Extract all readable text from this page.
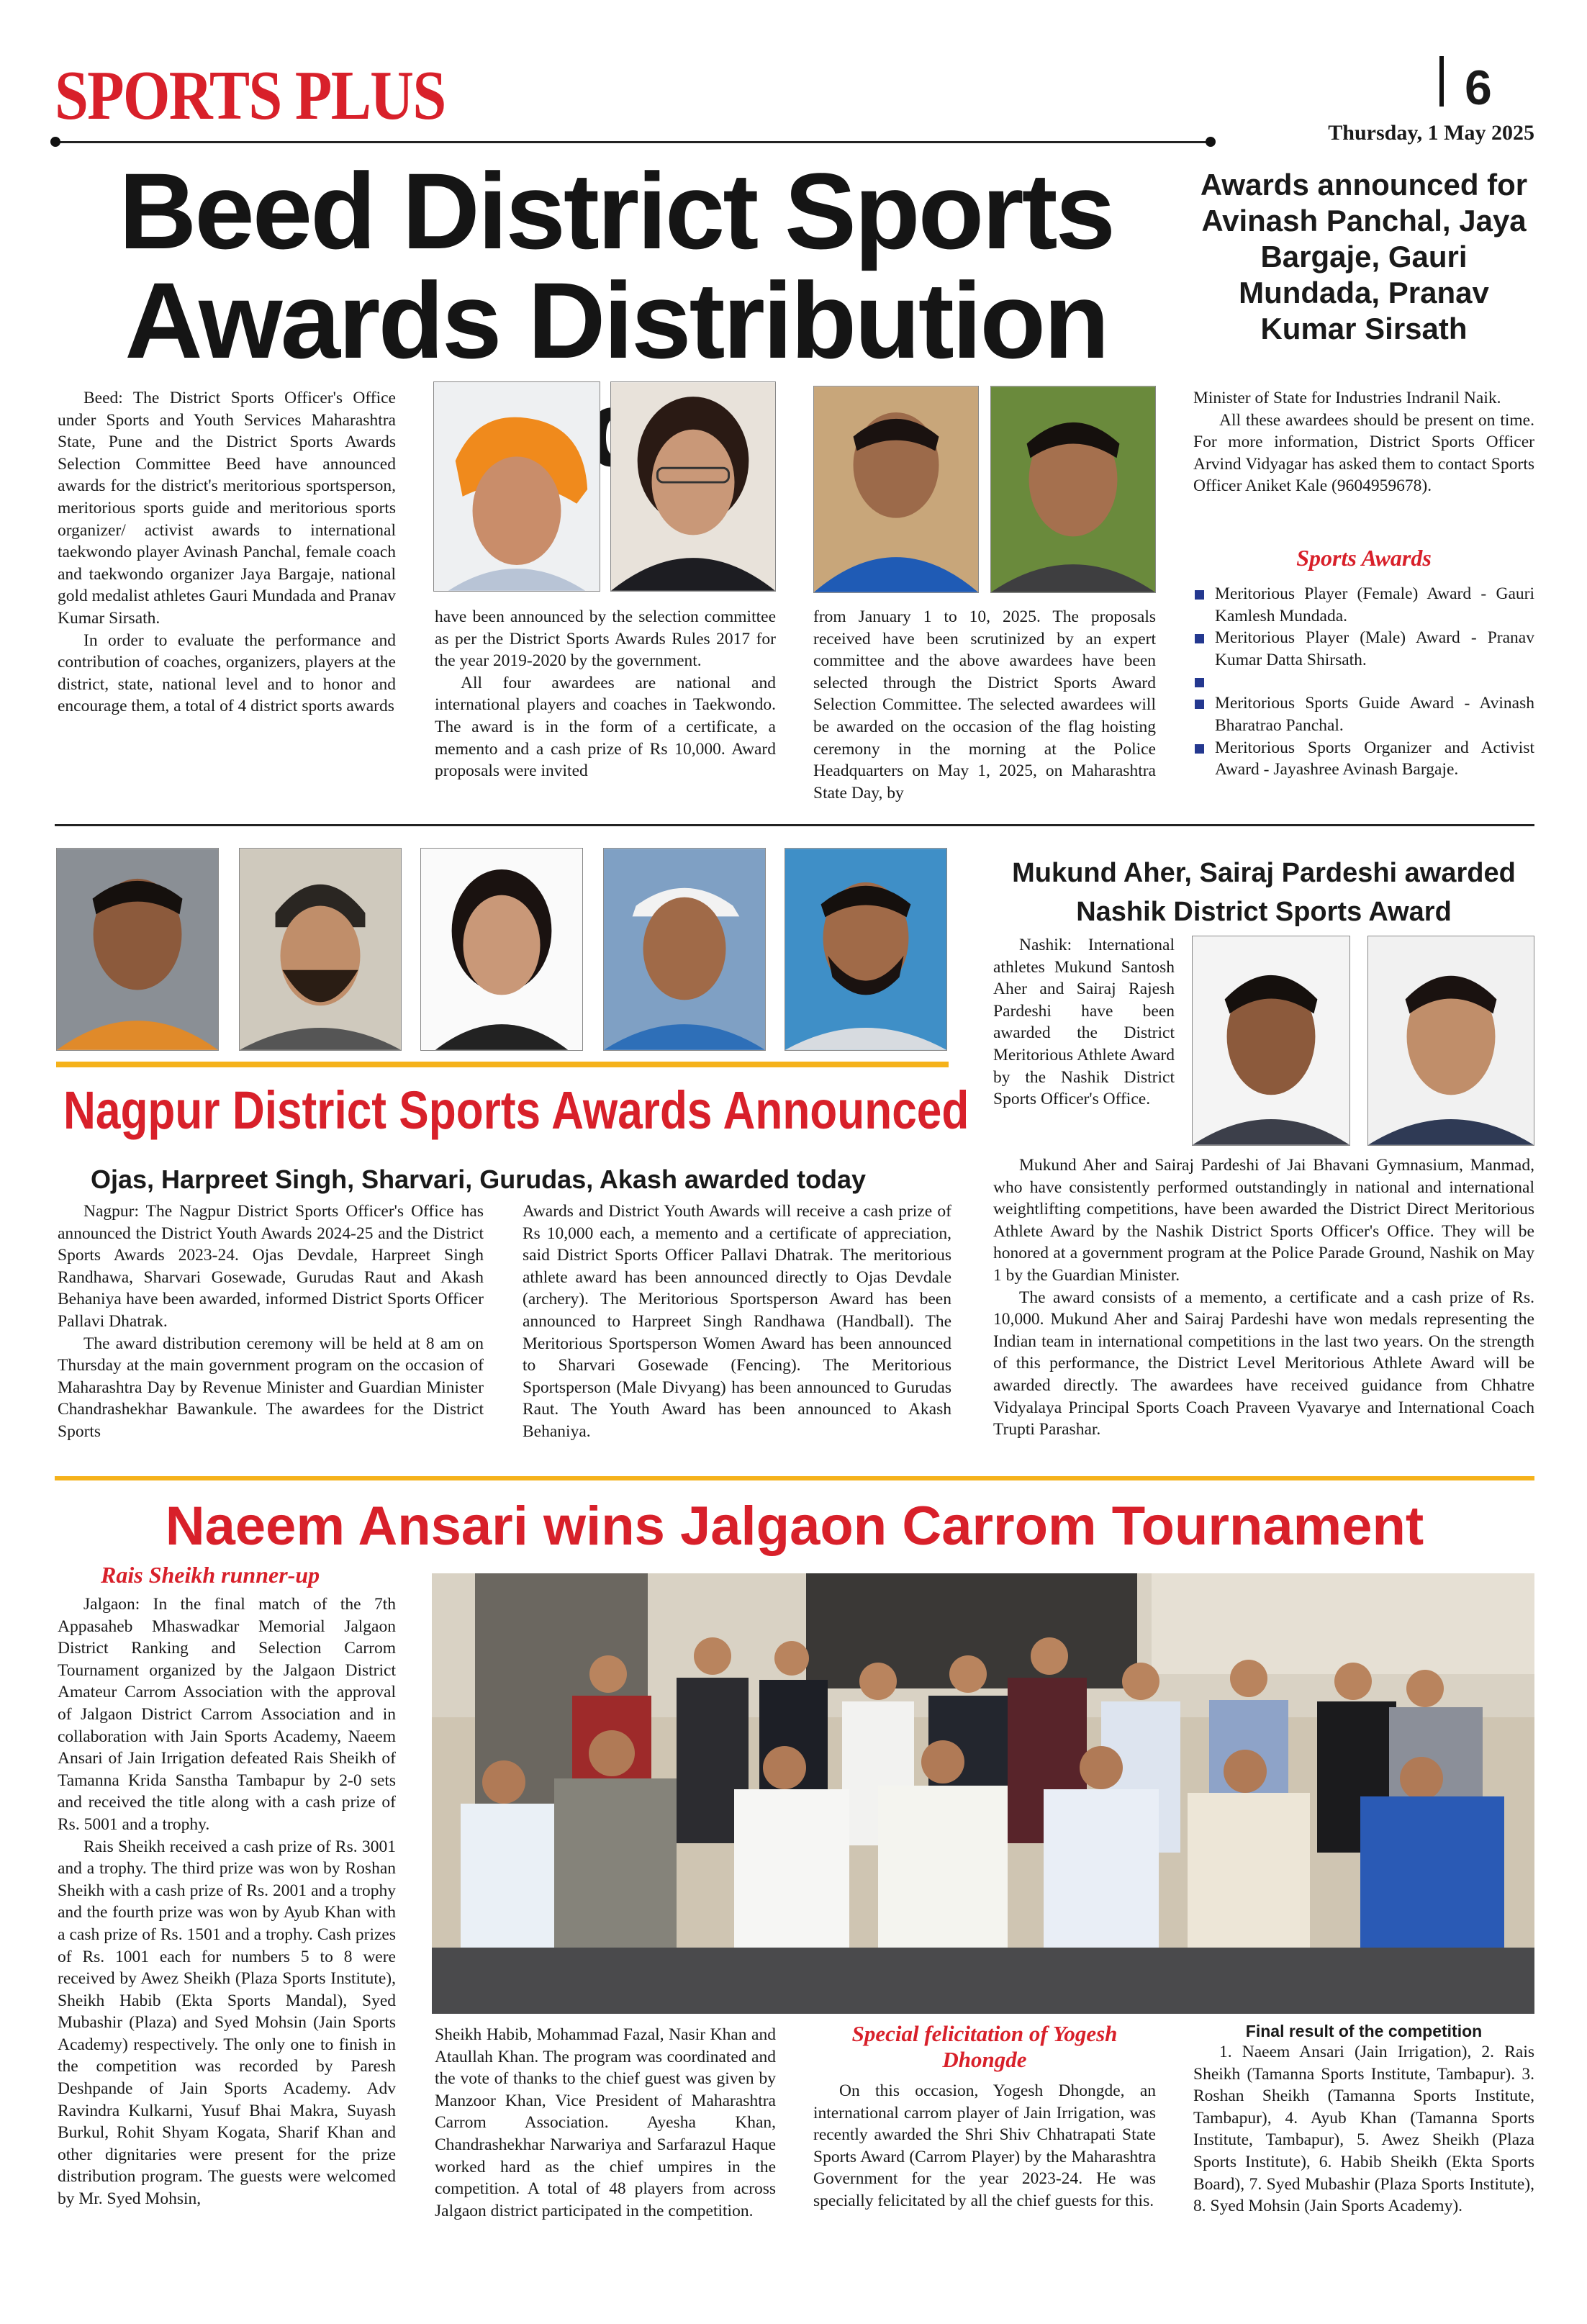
SPORTS PLUS	6
Thursday, 1 May 2025
Beed District Sports
Awards Distribution
Awards announced for Avinash Panchal, Jaya Bargaje, Gauri Mundada, Pranav Kumar Sirsath

Beed: The District Sports Officer's Office under Sports and Youth Services Maharashtra State, Pune and the District Sports Awards Selection Committee Beed have announced awards for the district's meritorious sportsperson, meritorious sports guide and meritorious sports organizer/ activist awards to international taekwondo player Avinash Panchal, female coach and taekwondo organizer Jaya Bargaje, national gold medalist athletes Gauri Mundada and Pranav Kumar Sirsath.

In order to evaluate the performance and contribution of coaches, organizers, players at the district, state, national level and to honor and encourage them, a total of 4 district sports awards

have been announced by the selection committee as per the District Sports Awards Rules 2017 for the year 2019-2020 by the government.

All four awardees are national and international players and coaches in Taekwondo. The award is in the form of a certificate, a memento and a cash prize of Rs 10,000. Award proposals were invited

from January 1 to 10, 2025. The proposals received have been scrutinized by an expert committee and the above awardees have been selected through the District Sports Award Selection Committee. The selected awardees will be awarded on the occasion of the flag hoisting ceremony in the morning at the Police Headquarters on May 1, 2025, on Maharashtra State Day, by

Minister of State for Industries Indranil Naik.

All these awardees should be present on time. For more information, District Sports Officer Arvind Vidyagar has asked them to contact Sports Officer Aniket Kale (9604959678).

Sports Awards
Meritorious Player (Female) Award - Gauri Kamlesh Mundada.
Meritorious Player (Male) Award - Pranav Kumar Datta Shirsath.
Meritorious Sports Guide Award - Avinash Bharatrao Panchal.
Meritorious Sports Organizer and Activist Award - Jayashree Avinash Bargaje.
Nagpur District Sports Awards Announced
Ojas, Harpreet Singh, Sharvari, Gurudas, Akash awarded today

Nagpur: The Nagpur District Sports Officer's Office has announced the District Youth Awards 2024-25 and the District Sports Awards 2023-24. Ojas Devdale, Harpreet Singh Randhawa, Sharvari Gosewade, Gurudas Raut and Akash Behaniya have been awarded, informed District Sports Officer Pallavi Dhatrak.

The award distribution ceremony will be held at 8 am on Thursday at the main government program on the occasion of Maharashtra Day by Revenue Minister and Guardian Minister Chandrashekhar Bawankule. The awardees for the District Sports

Awards and District Youth Awards will receive a cash prize of Rs 10,000 each, a memento and a certificate of appreciation, said District Sports Officer Pallavi Dhatrak. The meritorious athlete award has been announced directly to Ojas Devdale (archery). The Meritorious Sportsperson Award has been announced to Harpreet Singh Randhawa (Handball). The Meritorious Sportsperson Women Award has been announced to Sharvari Gosewade (Fencing). The Meritorious Sportsperson (Male Divyang) has been announced to Gurudas Raut. The Youth Award has been announced to Akash Behaniya.

Mukund Aher, Sairaj Pardeshi awarded Nashik District Sports Award

Nashik: International athletes Mukund Santosh Aher and Sairaj Rajesh Pardeshi have been awarded the District Meritorious Athlete Award by the Nashik District Sports Officer's Office.

Mukund Aher and Sairaj Pardeshi of Jai Bhavani Gymnasium, Manmad, who have consistently performed outstandingly in national and international weightlifting competitions, have been awarded the District Direct Meritorious Athlete Award by the Nashik District Sports Officer's Office. They will be honored at a government program at the Police Parade Ground, Nashik on May 1 by the Guardian Minister.

The award consists of a memento, a certificate and a cash prize of Rs. 10,000. Mukund Aher and Sairaj Pardeshi have won medals representing the Indian team in international competitions in the last two years. On the strength of this performance, the District Level Meritorious Athlete Award will be awarded directly. The awardees have received guidance from Chhatre Vidyalaya Principal Sports Coach Praveen Vyavarye and International Coach Trupti Parashar.

Naeem Ansari wins Jalgaon Carrom Tournament
Rais Sheikh runner-up

Jalgaon: In the final match of the 7th Appasaheb Mhaswadkar Memorial Jalgaon District Ranking and Selection Carrom Tournament organized by the Jalgaon District Amateur Carrom Association with the approval of Jalgaon District Carrom Association and in collaboration with Jain Sports Academy, Naeem Ansari of Jain Irrigation defeated Rais Sheikh of Tamanna Krida Sanstha Tambapur by 2-0 sets and received the title along with a cash prize of Rs. 5001 and a trophy.

Rais Sheikh received a cash prize of Rs. 3001 and a trophy. The third prize was won by Roshan Sheikh with a cash prize of Rs. 2001 and a trophy and the fourth prize was won by Ayub Khan with a cash prize of Rs. 1501 and a trophy. Cash prizes of Rs. 1001 each for numbers 5 to 8 were received by Awez Sheikh (Plaza Sports Institute), Sheikh Habib (Ekta Sports Mandal), Syed Mubashir (Plaza) and Syed Mohsin (Jain Sports Academy) respectively. The only one to finish in the competition was recorded by Paresh Deshpande of Jain Sports Academy. Adv Ravindra Kulkarni, Yusuf Bhai Makra, Suyash Burkul, Rohit Shyam Kogata, Sharif Khan and other dignitaries were present for the prize distribution program. The guests were welcomed by Mr. Syed Mohsin,

Sheikh Habib, Mohammad Fazal, Nasir Khan and Ataullah Khan. The program was coordinated and the vote of thanks to the chief guest was given by Manzoor Khan, Vice President of Maharashtra Carrom Association. Ayesha Khan, Chandrashekhar Narwariya and Sarfarazul Haque worked hard as the chief umpires in the competition. A total of 48 players from across Jalgaon district participated in the competition.

Special felicitation of Yogesh Dhongde

On this occasion, Yogesh Dhongde, an international carrom player of Jain Irrigation, was recently awarded the Shri Shiv Chhatrapati State Sports Award (Carrom Player) by the Maharashtra Government for the year 2023-24. He was specially felicitated by all the chief guests for this.

Final result of the competition

1. Naeem Ansari (Jain Irrigation), 2. Rais Sheikh (Tamanna Sports Institute, Tambapur). 3. Roshan Sheikh (Tamanna Sports Institute, Tambapur), 4. Ayub Khan (Tamanna Sports Institute, Tambapur), 5. Awez Sheikh (Plaza Sports Institute), 6. Habib Sheikh (Ekta Sports Board), 7. Syed Mubashir (Plaza Sports Institute), 8. Syed Mohsin (Jain Sports Academy).
